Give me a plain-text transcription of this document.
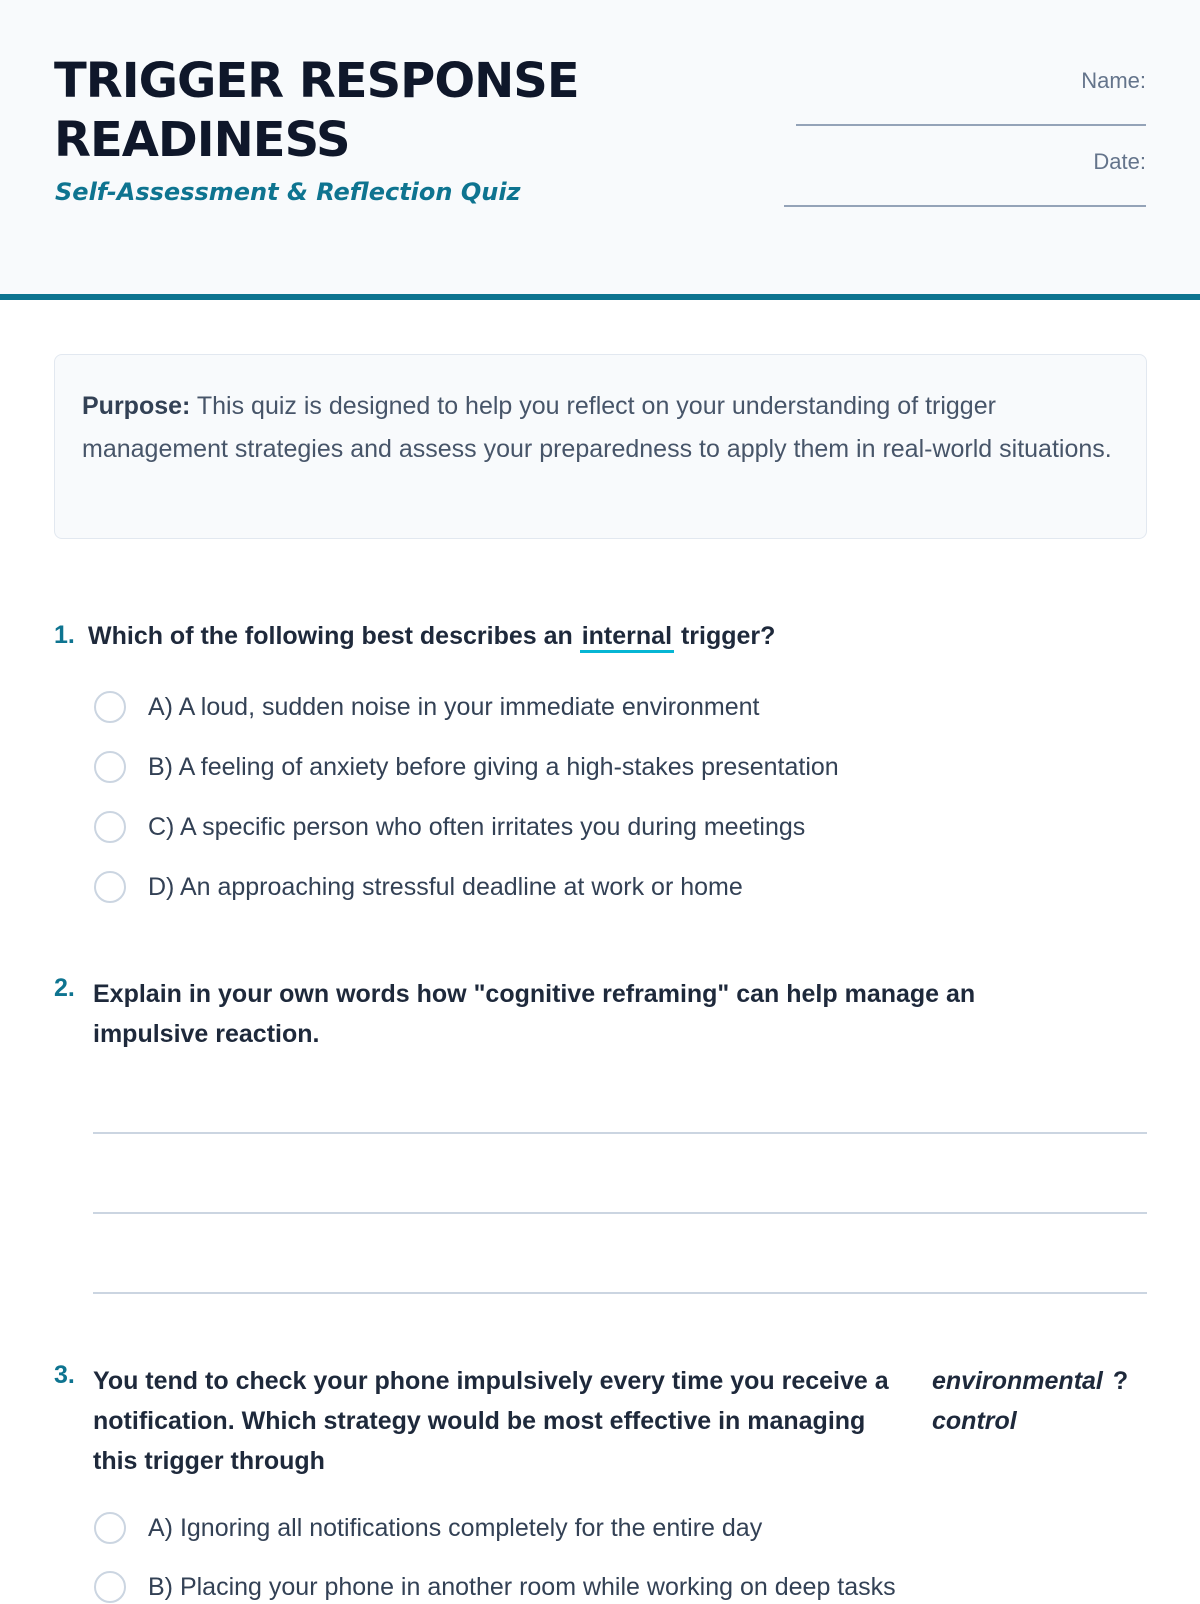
TRIGGER RESPONSE READINESS
Self-Assessment & Reflection Quiz
Name:
Date:
Purpose: This quiz is designed to help you reflect on your understanding of trigger management strategies and assess your preparedness to apply them in real-world situations.
1. Which of the following best describes an internal trigger?
A) A loud, sudden noise in your immediate environment
B) A feeling of anxiety before giving a high-stakes presentation
C) A specific person who often irritates you during meetings
D) An approaching stressful deadline at work or home
2. Explain in your own words how "cognitive reframing" can help manage an impulsive reaction.
3. You tend to check your phone impulsively every time you receive a notification. Which strategy would be most effective in managing this trigger through
environmental ?
control
A) Ignoring all notifications completely for the entire day
B) Placing your phone in another room while working on deep tasks
